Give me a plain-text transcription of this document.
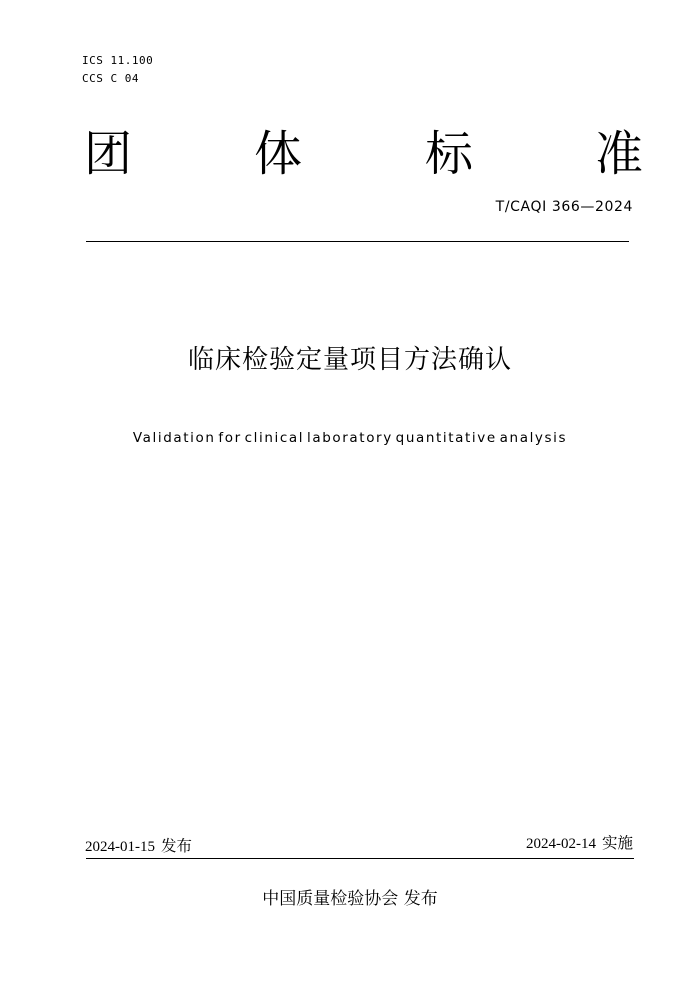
ICS 11.100
CCS C 04
团	体	标	准
T/CAQI 366—2024
临床检验定量项目方法确认
Validation for clinical laboratory quantitative analysis
2024-01-15 发布	2024-02-14 实施
中国质量检验协会 发布
